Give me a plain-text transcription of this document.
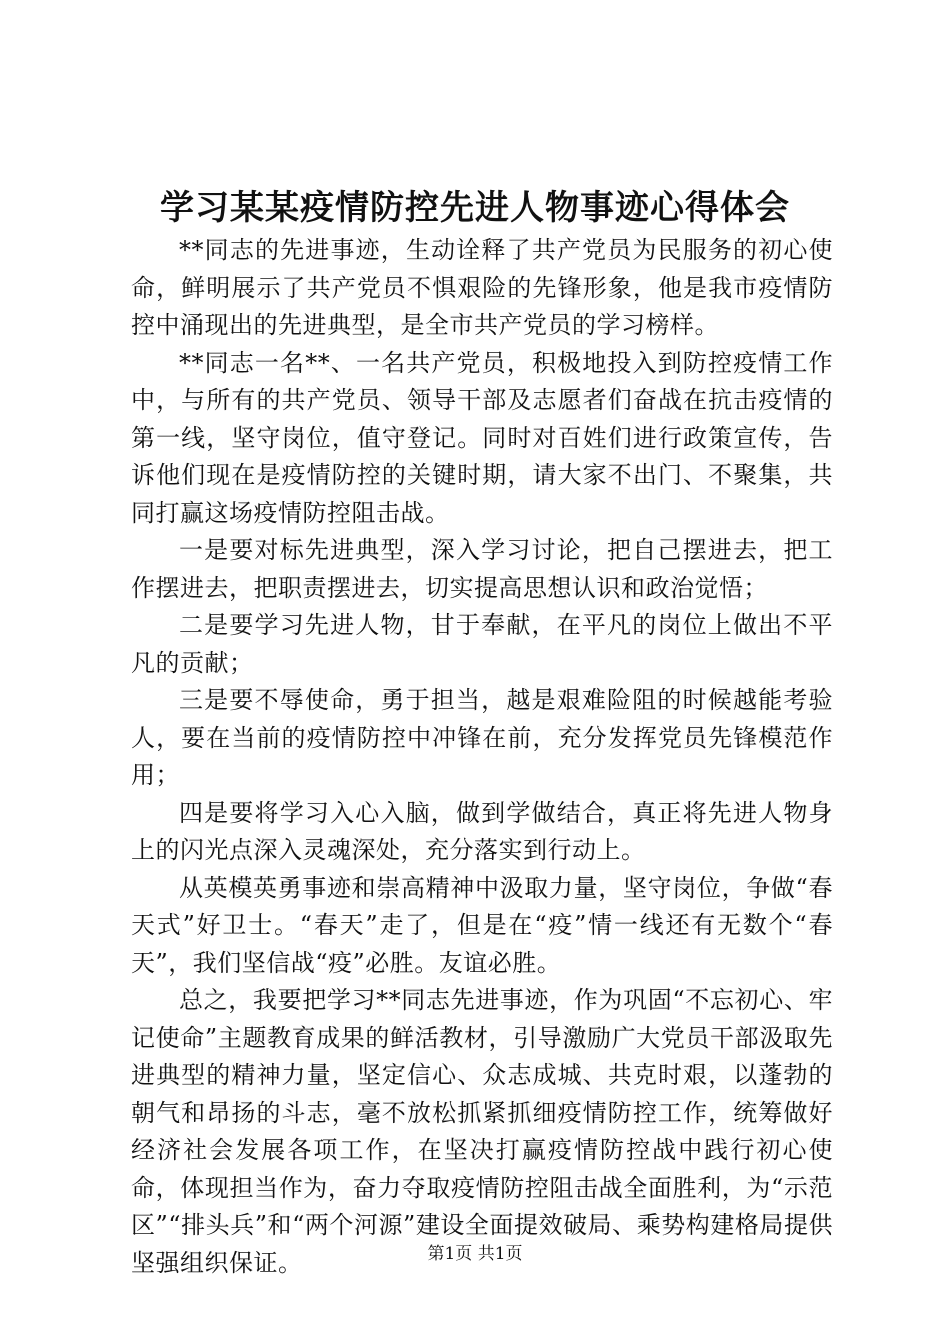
学习某某疫情防控先进人物事迹心得体会

**同志的先进事迹，生动诠释了共产党员为民服务的初心使命，鲜明展示了共产党员不惧艰险的先锋形象，他是我市疫情防控中涌现出的先进典型，是全市共产党员的学习榜样。

**同志一名**、一名共产党员，积极地投入到防控疫情工作中，与所有的共产党员、领导干部及志愿者们奋战在抗击疫情的第一线，坚守岗位，值守登记。同时对百姓们进行政策宣传，告诉他们现在是疫情防控的关键时期，请大家不出门、不聚集，共同打赢这场疫情防控阻击战。

一是要对标先进典型，深入学习讨论，把自己摆进去，把工作摆进去，把职责摆进去，切实提高思想认识和政治觉悟；

二是要学习先进人物，甘于奉献，在平凡的岗位上做出不平凡的贡献；

三是要不辱使命，勇于担当，越是艰难险阻的时候越能考验人，要在当前的疫情防控中冲锋在前，充分发挥党员先锋模范作用；

四是要将学习入心入脑，做到学做结合，真正将先进人物身上的闪光点深入灵魂深处，充分落实到行动上。

从英模英勇事迹和崇高精神中汲取力量，坚守岗位，争做“春天式”好卫士。“春天”走了，但是在“疫”情一线还有无数个“春天”，我们坚信战“疫”必胜。友谊必胜。

总之，我要把学习**同志先进事迹，作为巩固“不忘初心、牢记使命”主题教育成果的鲜活教材，引导激励广大党员干部汲取先进典型的精神力量，坚定信心、众志成城、共克时艰，以蓬勃的朝气和昂扬的斗志，毫不放松抓紧抓细疫情防控工作，统筹做好经济社会发展各项工作，在坚决打赢疫情防控战中践行初心使命，体现担当作为，奋力夺取疫情防控阻击战全面胜利，为“示范区”“排头兵”和“两个河源”建设全面提效破局、乘势构建格局提供坚强组织保证。	第1页 共1页
